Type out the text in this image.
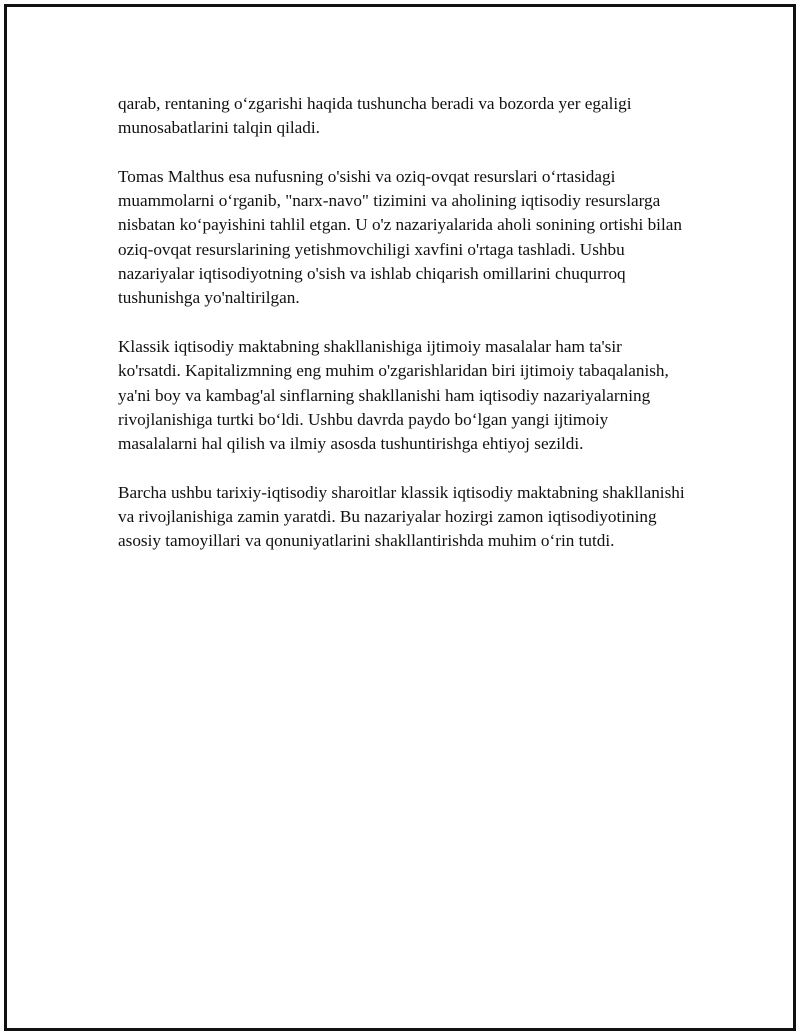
qarab, rentaning o‘zgarishi haqida tushuncha beradi va bozorda yer egaligi munosabatlarini talqin qiladi.

Tomas Malthus esa nufusning o'sishi va oziq-ovqat resurslari o‘rtasidagi muammolarni o‘rganib, "narx-navo" tizimini va aholining iqtisodiy resurslarga nisbatan ko‘payishini tahlil etgan. U o'z nazariyalarida aholi sonining ortishi bilan oziq-ovqat resurslarining yetishmovchiligi xavfini o'rtaga tashladi. Ushbu nazariyalar iqtisodiyotning o'sish va ishlab chiqarish omillarini chuqurroq tushunishga yo'naltirilgan.

Klassik iqtisodiy maktabning shakllanishiga ijtimoiy masalalar ham ta'sir ko'rsatdi. Kapitalizmning eng muhim o'zgarishlaridan biri ijtimoiy tabaqalanish, ya'ni boy va kambag'al sinflarning shakllanishi ham iqtisodiy nazariyalarning rivojlanishiga turtki bo‘ldi. Ushbu davrda paydo bo‘lgan yangi ijtimoiy masalalarni hal qilish va ilmiy asosda tushuntirishga ehtiyoj sezildi.

Barcha ushbu tarixiy-iqtisodiy sharoitlar klassik iqtisodiy maktabning shakllanishi va rivojlanishiga zamin yaratdi. Bu nazariyalar hozirgi zamon iqtisodiyotining asosiy tamoyillari va qonuniyatlarini shakllantirishda muhim o‘rin tutdi.
